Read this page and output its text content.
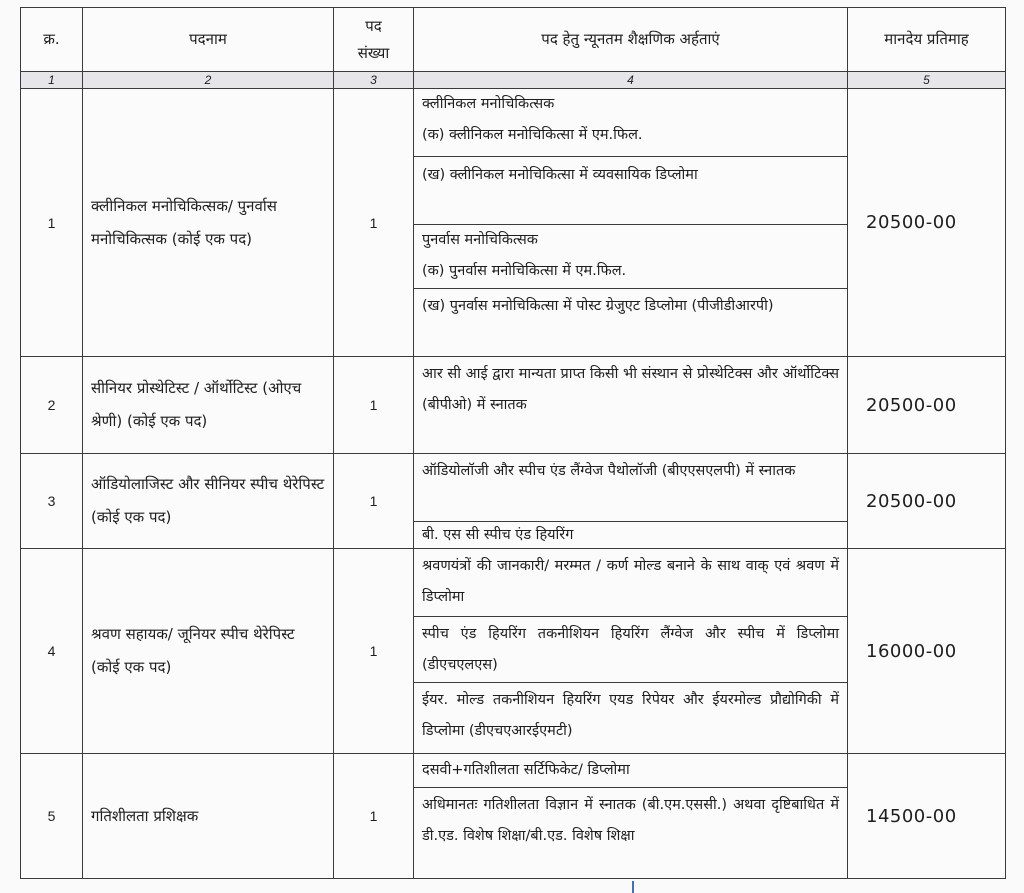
क्र.	पदनाम	पद संख्या	पद हेतु न्यूनतम शैक्षणिक अर्हताएं	मानदेय प्रतिमाह
1	2	3	4	5
1	क्लीनिकल मनोचिकित्सक/ पुनर्वास मनोचिकित्सक (कोई एक पद)	1	
क्लीनिकल मनोचिकित्सक
(क) क्लीनिकल मनोचिकित्सा में एम.फिल.
(ख) क्लीनिकल मनोचिकित्सा में व्यवसायिक डिप्लोमा
पुनर्वास मनोचिकित्सक
(क) पुनर्वास मनोचिकित्सा में एम.फिल.
(ख) पुनर्वास मनोचिकित्सा में पोस्ट ग्रेजुएट डिप्लोमा (पीजीडीआरपी)
	20500-00
2	सीनियर प्रोस्थेटिस्ट / ऑर्थोटिस्ट (ओएच श्रेणी) (कोई एक पद)	1	आर सी आई द्वारा मान्यता प्राप्त किसी भी संस्थान से प्रोस्थेटिक्स और ऑर्थोटिक्स (बीपीओ) में स्नातक	20500-00
3	ऑडियोलाजिस्ट और सीनियर स्पीच थेरेपिस्ट (कोई एक पद)	1	ऑडियोलॉजी और स्पीच एंड लैंग्वेज पैथोलॉजी (बीएएसएलपी) में स्नातक
बी. एस सी स्पीच एंड हियरिंग	20500-00
4	श्रवण सहायक/ जूनियर स्पीच थेरेपिस्ट (कोई एक पद)	1	श्रवणयंत्रों की जानकारी/ मरम्मत / कर्ण मोल्ड बनाने के साथ वाक् एवं श्रवण में डिप्लोमा
स्पीच एंड हियरिंग तकनीशियन हियरिंग लैंग्वेज और स्पीच में डिप्लोमा (डीएचएलएस)
ईयर. मोल्ड तकनीशियन हियरिंग एयड रिपेयर और ईयरमोल्ड प्रौद्योगिकी में डिप्लोमा (डीएचएआरईएमटी)	16000-00
5	गतिशीलता प्रशिक्षक	1	दसवी+गतिशीलता सर्टिफिकेट/ डिप्लोमा
अधिमानतः गतिशीलता विज्ञान में स्नातक (बी.एम.एससी.) अथवा दृष्टिबाधित में डी.एड. विशेष शिक्षा/बी.एड. विशेष शिक्षा	14500-00
